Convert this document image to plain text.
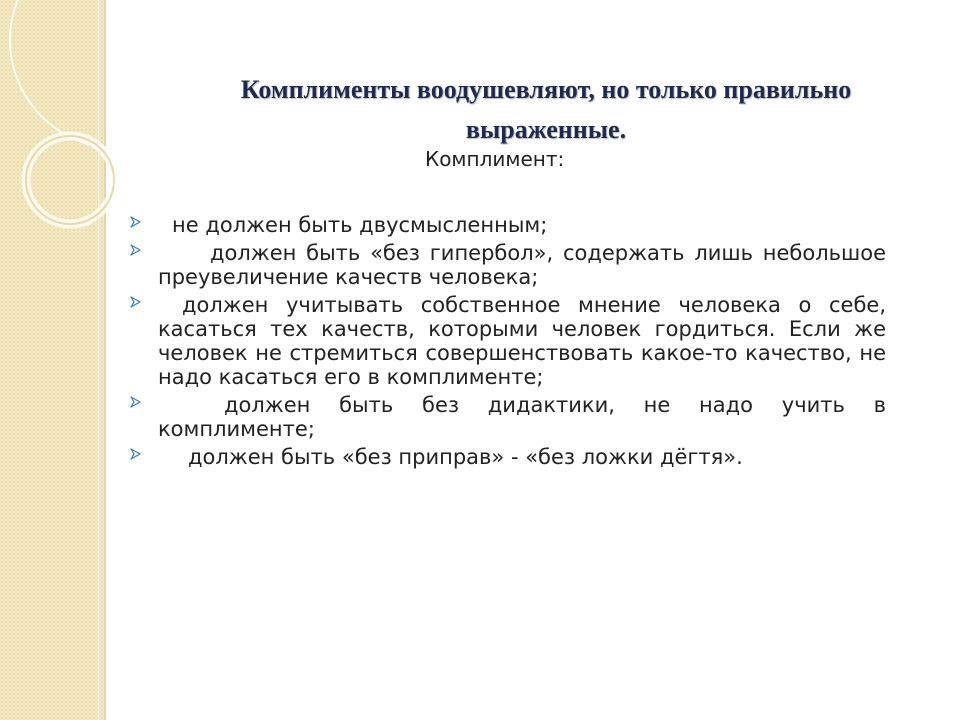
Комплименты воодушевляют, но только правильно выраженные.
Комплимент:
не должен быть двусмысленным;
должен быть «без гипербол», содержать лишь небольшое преувеличение качеств человека;
должен учитывать собственное мнение человека о себе, касаться тех качеств, которыми человек гордиться. Если же человек не стремиться совершенствовать какое-то качество, не надо касаться его в комплименте;
должен быть без дидактики, не надо учить в комплименте;
должен быть «без приправ» - «без ложки дёгтя».
